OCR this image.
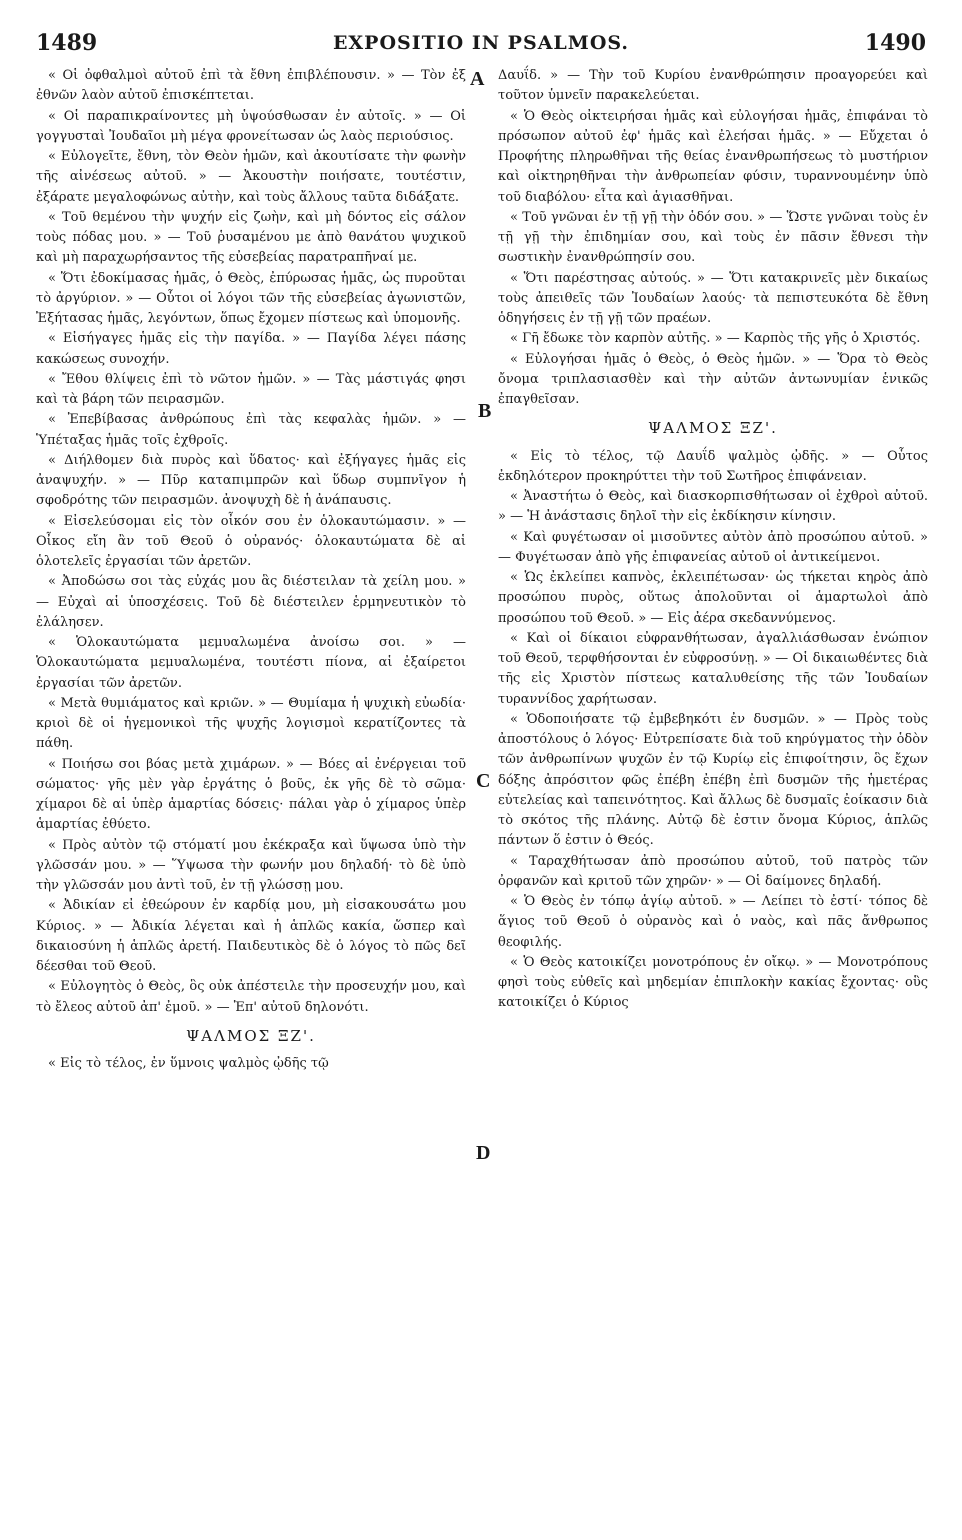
1489	EXPOSITIO IN PSALMOS.	1490
A
B
C
D

« Οἱ ὀφθαλμοὶ αὐτοῦ ἐπὶ τὰ ἔθνη ἐπιβλέπουσιν. » — Τὸν ἐξ ἐθνῶν λαὸν αὐτοῦ ἐπισκέπτεται.

« Οἱ παραπικραίνοντες μὴ ὑψούσθωσαν ἐν αὐτοῖς. » — Οἱ γογγυσταὶ Ἰουδαῖοι μὴ μέγα φρονείτωσαν ὡς λαὸς περιούσιος.

« Εὐλογεῖτε, ἔθνη, τὸν Θεὸν ἡμῶν, καὶ ἀκουτίσατε τὴν φωνὴν τῆς αἰνέσεως αὐτοῦ. » — Ἀκουστὴν ποιήσατε, τουτέστιν, ἐξάρατε μεγαλοφώνως αὐτὴν, καὶ τοὺς ἄλλους ταῦτα διδάξατε.

« Τοῦ θεμένου τὴν ψυχήν εἰς ζωὴν, καὶ μὴ δόντος εἰς σάλον τοὺς πόδας μου. » — Τοῦ ῥυσαμένου με ἀπὸ θανάτου ψυχικοῦ καὶ μὴ παραχωρήσαντος τῆς εὐσεβείας παρατραπῆναί με.

« Ὅτι ἐδοκίμασας ἡμᾶς, ὁ Θεὸς, ἐπύρωσας ἡμᾶς, ὡς πυροῦται τὸ ἀργύριον. » — Οὗτοι οἱ λόγοι τῶν τῆς εὐσεβείας ἀγωνιστῶν, Ἐξήτασας ἡμᾶς, λεγόντων, ὅπως ἔχομεν πίστεως καὶ ὑπομονῆς.

« Εἰσήγαγες ἡμᾶς εἰς τὴν παγίδα. » — Παγίδα λέγει πάσης κακώσεως συνοχήν.

« Ἔθου θλίψεις ἐπὶ τὸ νῶτον ἡμῶν. » — Τὰς μάστιγάς φησι καὶ τὰ βάρη τῶν πειρασμῶν.

« Ἐπεβίβασας ἀνθρώπους ἐπὶ τὰς κεφαλὰς ἡμῶν. » — Ὑπέταξας ἡμᾶς τοῖς ἐχθροῖς.

« Διήλθομεν διὰ πυρὸς καὶ ὕδατος· καὶ ἐξήγαγες ἡμᾶς εἰς ἀναψυχήν. » — Πῦρ καταπιμπρῶν καὶ ὕδωρ συμπνῖγον ἡ σφοδρότης τῶν πειρασμῶν. ἀνοψυχὴ δὲ ἡ ἀνάπαυσις.

« Εἰσελεύσομαι εἰς τὸν οἶκόν σου ἐν ὁλοκαυτώμασιν. » — Οἶκος εἴη ἂν τοῦ Θεοῦ ὁ οὐρανός· ὁλοκαυτώματα δὲ αἱ ὁλοτελεῖς ἐργασίαι τῶν ἀρετῶν.

« Ἀποδώσω σοι τὰς εὐχάς μου ἃς διέστειλαν τὰ χείλη μου. » — Εὐχαὶ αἱ ὑποσχέσεις. Τοῦ δὲ διέστειλεν ἑρμηνευτικὸν τὸ ἐλάλησεν.

« Ὁλοκαυτώματα μεμυαλωμένα ἀνοίσω σοι. » — Ὁλοκαυτώματα μεμυαλωμένα, τουτέστι πίονα, αἱ ἐξαίρετοι ἐργασίαι τῶν ἀρετῶν.

« Μετὰ θυμιάματος καὶ κριῶν. » — Θυμίαμα ἡ ψυχικὴ εὐωδία· κριοὶ δὲ οἱ ἡγεμονικοὶ τῆς ψυχῆς λογισμοὶ κερατίζοντες τὰ πάθη.

« Ποιήσω σοι βόας μετὰ χιμάρων. » — Βόες αἱ ἐνέργειαι τοῦ σώματος· γῆς μὲν γὰρ ἐργάτης ὁ βοῦς, ἐκ γῆς δὲ τὸ σῶμα· χίμαροι δὲ αἱ ὑπὲρ ἁμαρτίας δόσεις· πάλαι γὰρ ὁ χίμαρος ὑπὲρ ἁμαρτίας ἐθύετο.

« Πρὸς αὐτὸν τῷ στόματί μου ἐκέκραξα καὶ ὕψωσα ὑπὸ τὴν γλῶσσάν μου. » — Ὕψωσα τὴν φωνήν μου δηλαδή· τὸ δὲ ὑπὸ τὴν γλῶσσάν μου ἀντὶ τοῦ, ἐν τῇ γλώσσῃ μου.

« Ἀδικίαν εἰ ἐθεώρουν ἐν καρδίᾳ μου, μὴ εἰσακουσάτω μου Κύριος. » — Ἀδικία λέγεται καὶ ἡ ἁπλῶς κακία, ὥσπερ καὶ δικαιοσύνη ἡ ἁπλῶς ἀρετή. Παιδευτικὸς δὲ ὁ λόγος τὸ πῶς δεῖ δέεσθαι τοῦ Θεοῦ.

« Εὐλογητὸς ὁ Θεὸς, ὃς οὐκ ἀπέστειλε τὴν προσευχήν μου, καὶ τὸ ἔλεος αὐτοῦ ἀπ' ἐμοῦ. » — Ἐπ' αὐτοῦ δηλονότι.

ΨΑΛΜΟΣ ΞΖ'.

« Εἰς τὸ τέλος, ἐν ὕμνοις ψαλμὸς ᾠδῆς τῷ

Δαυΐδ. » — Τὴν τοῦ Κυρίου ἐνανθρώπησιν προαγορεύει καὶ τοῦτον ὑμνεῖν παρακελεύεται.

« Ὁ Θεὸς οἰκτειρήσαι ἡμᾶς καὶ εὐλογήσαι ἡμᾶς, ἐπιφάναι τὸ πρόσωπον αὐτοῦ ἐφ' ἡμᾶς καὶ ἐλεήσαι ἡμᾶς. » — Εὔχεται ὁ Προφήτης πληρωθῆναι τῆς θείας ἐνανθρωπήσεως τὸ μυστήριον καὶ οἰκτηρηθῆναι τὴν ἀνθρωπείαν φύσιν, τυραννουμένην ὑπὸ τοῦ διαβόλου· εἶτα καὶ ἁγιασθῆναι.

« Τοῦ γνῶναι ἐν τῇ γῇ τὴν ὁδόν σου. » — Ὥστε γνῶναι τοὺς ἐν τῇ γῇ τὴν ἐπιδημίαν σου, καὶ τοὺς ἐν πᾶσιν ἔθνεσι τὴν σωστικὴν ἐνανθρώπησίν σου.

« Ὅτι παρέστησας αὐτούς. » — Ὅτι κατακρινεῖς μὲν δικαίως τοὺς ἀπειθεῖς τῶν Ἰουδαίων λαούς· τὰ πεπιστευκότα δὲ ἔθνη ὁδηγήσεις ἐν τῇ γῇ τῶν πραέων.

« Γῆ ἔδωκε τὸν καρπὸν αὐτῆς. » — Καρπὸς τῆς γῆς ὁ Χριστός.

« Εὐλογήσαι ἡμᾶς ὁ Θεὸς, ὁ Θεὸς ἡμῶν. » — Ὅρα τὸ Θεὸς ὄνομα τριπλασιασθὲν καὶ τὴν αὐτῶν ἀντωνυμίαν ἑνικῶς ἐπαγθεῖσαν.

ΨΑΛΜΟΣ ΞΖ'.

« Εἰς τὸ τέλος, τῷ Δαυΐδ ψαλμὸς ᾠδῆς. » — Οὗτος ἐκδηλότερον προκηρύττει τὴν τοῦ Σωτῆρος ἐπιφάνειαν.

« Ἀναστήτω ὁ Θεὸς, καὶ διασκορπισθήτωσαν οἱ ἐχθροὶ αὐτοῦ. » — Ἡ ἀνάστασις δηλοῖ τὴν εἰς ἐκδίκησιν κίνησιν.

« Καὶ φυγέτωσαν οἱ μισοῦντες αὐτὸν ἀπὸ προσώπου αὐτοῦ. » — Φυγέτωσαν ἀπὸ γῆς ἐπιφανείας αὐτοῦ οἱ ἀντικείμενοι.

« Ὡς ἐκλείπει καπνὸς, ἐκλειπέτωσαν· ὡς τήκεται κηρὸς ἀπὸ προσώπου πυρὸς, οὕτως ἀπολοῦνται οἱ ἁμαρτωλοὶ ἀπὸ προσώπου τοῦ Θεοῦ. » — Εἰς ἀέρα σκεδαννύμενος.

« Καὶ οἱ δίκαιοι εὐφρανθήτωσαν, ἀγαλλιάσθωσαν ἐνώπιον τοῦ Θεοῦ, τερφθήσονται ἐν εὐφροσύνῃ. » — Οἱ δικαιωθέντες διὰ τῆς εἰς Χριστὸν πίστεως καταλυθείσης τῆς τῶν Ἰουδαίων τυραννίδος χαρήτωσαν.

« Ὁδοποιήσατε τῷ ἐμβεβηκότι ἐν δυσμῶν. » — Πρὸς τοὺς ἀποστόλους ὁ λόγος· Εὐτρεπίσατε διὰ τοῦ κηρύγματος τὴν ὁδὸν τῶν ἀνθρωπίνων ψυχῶν ἐν τῷ Κυρίῳ εἰς ἐπιφοίτησιν, ὃς ἔχων δόξης ἀπρόσιτον φῶς ἐπέβη ἐπέβη ἐπὶ δυσμῶν τῆς ἡμετέρας εὐτελείας καὶ ταπεινότητος. Καὶ ἄλλως δὲ δυσμαῖς ἐοίκασιν διὰ τὸ σκότος τῆς πλάνης. Αὐτῷ δὲ ἐστιν ὄνομα Κύριος, ἁπλῶς πάντων ὅ ἐστιν ὁ Θεός.

« Ταραχθήτωσαν ἀπὸ προσώπου αὐτοῦ, τοῦ πατρὸς τῶν ὀρφανῶν καὶ κριτοῦ τῶν χηρῶν· » — Οἱ δαίμονες δηλαδή.

« Ὁ Θεὸς ἐν τόπῳ ἁγίῳ αὐτοῦ. » — Λείπει τὸ ἐστί· τόπος δὲ ἅγιος τοῦ Θεοῦ ὁ οὐρανὸς καὶ ὁ ναὸς, καὶ πᾶς ἄνθρωπος θεοφιλής.

« Ὁ Θεὸς κατοικίζει μονοτρόπους ἐν οἴκῳ. » — Μονοτρόπους φησὶ τοὺς εὐθεῖς καὶ μηδεμίαν ἐπιπλοκὴν κακίας ἔχοντας· οὓς κατοικίζει ὁ Κύριος
